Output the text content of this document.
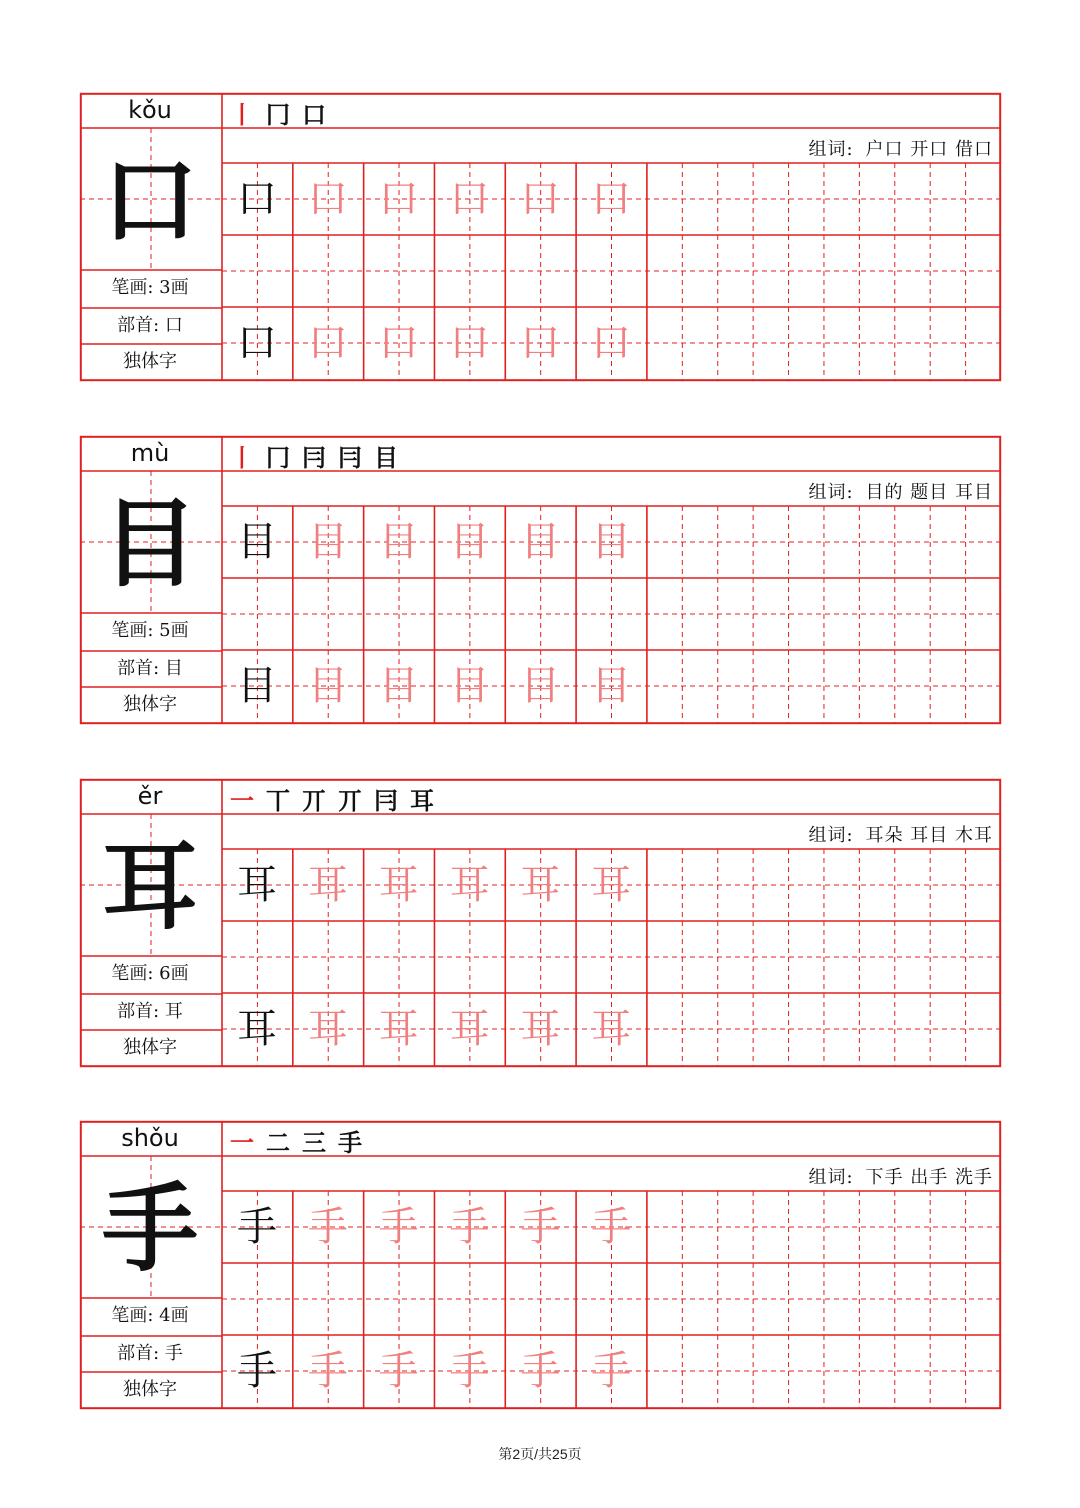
kǒu
口
笔画: 3画
部首: 口
独体字
丨 冂 口
组词: 户口 开口 借口
口 口 口 口 口 口
口 口 口 口 口 口
mù
目
笔画: 5画
部首: 目
独体字
丨 冂 冃 冃 目
组词: 目的 题目 耳目
目 目 目 目 目 目
目 目 目 目 目 目
ěr
耳
笔画: 6画
部首: 耳
独体字
一 丅 丌 丌 冃 耳
组词: 耳朵 耳目 木耳
耳 耳 耳 耳 耳 耳
耳 耳 耳 耳 耳 耳
shǒu
手
笔画: 4画
部首: 手
独体字
一 二 三 手
组词: 下手 出手 洗手
手 手 手 手 手 手
手 手 手 手 手 手
第2页/共25页
